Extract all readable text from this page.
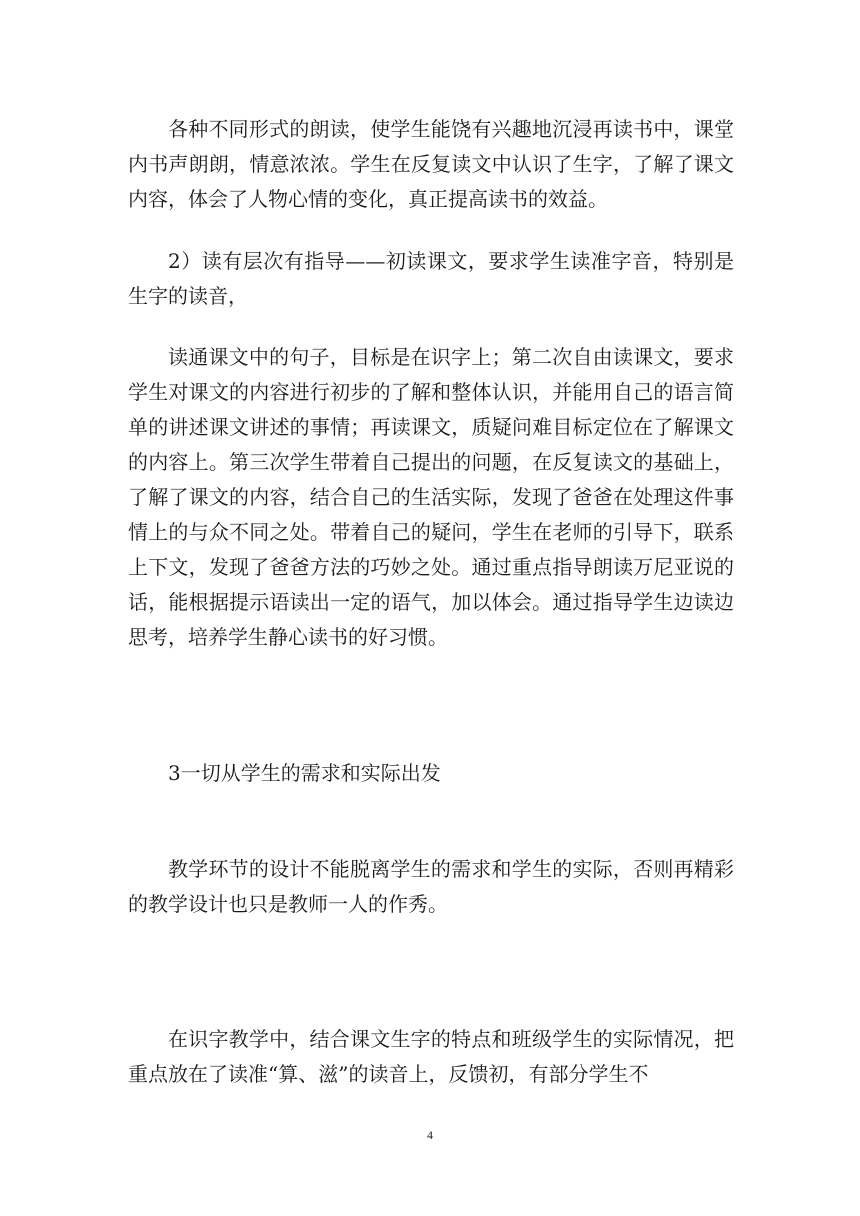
各种不同形式的朗读，使学生能饶有兴趣地沉浸再读书中，课堂内书声朗朗，情意浓浓。学生在反复读文中认识了生字，了解了课文内容，体会了人物心情的变化，真正提高读书的效益。

2）读有层次有指导——初读课文，要求学生读准字音，特别是生字的读音，

读通课文中的句子，目标是在识字上；第二次自由读课文，要求学生对课文的内容进行初步的了解和整体认识，并能用自己的语言简单的讲述课文讲述的事情；再读课文，质疑问难目标定位在了解课文的内容上。第三次学生带着自己提出的问题，在反复读文的基础上，了解了课文的内容，结合自己的生活实际，发现了爸爸在处理这件事情上的与众不同之处。带着自己的疑问，学生在老师的引导下，联系上下文，发现了爸爸方法的巧妙之处。通过重点指导朗读万尼亚说的话，能根据提示语读出一定的语气，加以体会。通过指导学生边读边思考，培养学生静心读书的好习惯。

3一切从学生的需求和实际出发

教学环节的设计不能脱离学生的需求和学生的实际，否则再精彩的教学设计也只是教师一人的作秀。

在识字教学中，结合课文生字的特点和班级学生的实际情况，把重点放在了读准“算、滋”的读音上，反馈初，有部分学生不

4
